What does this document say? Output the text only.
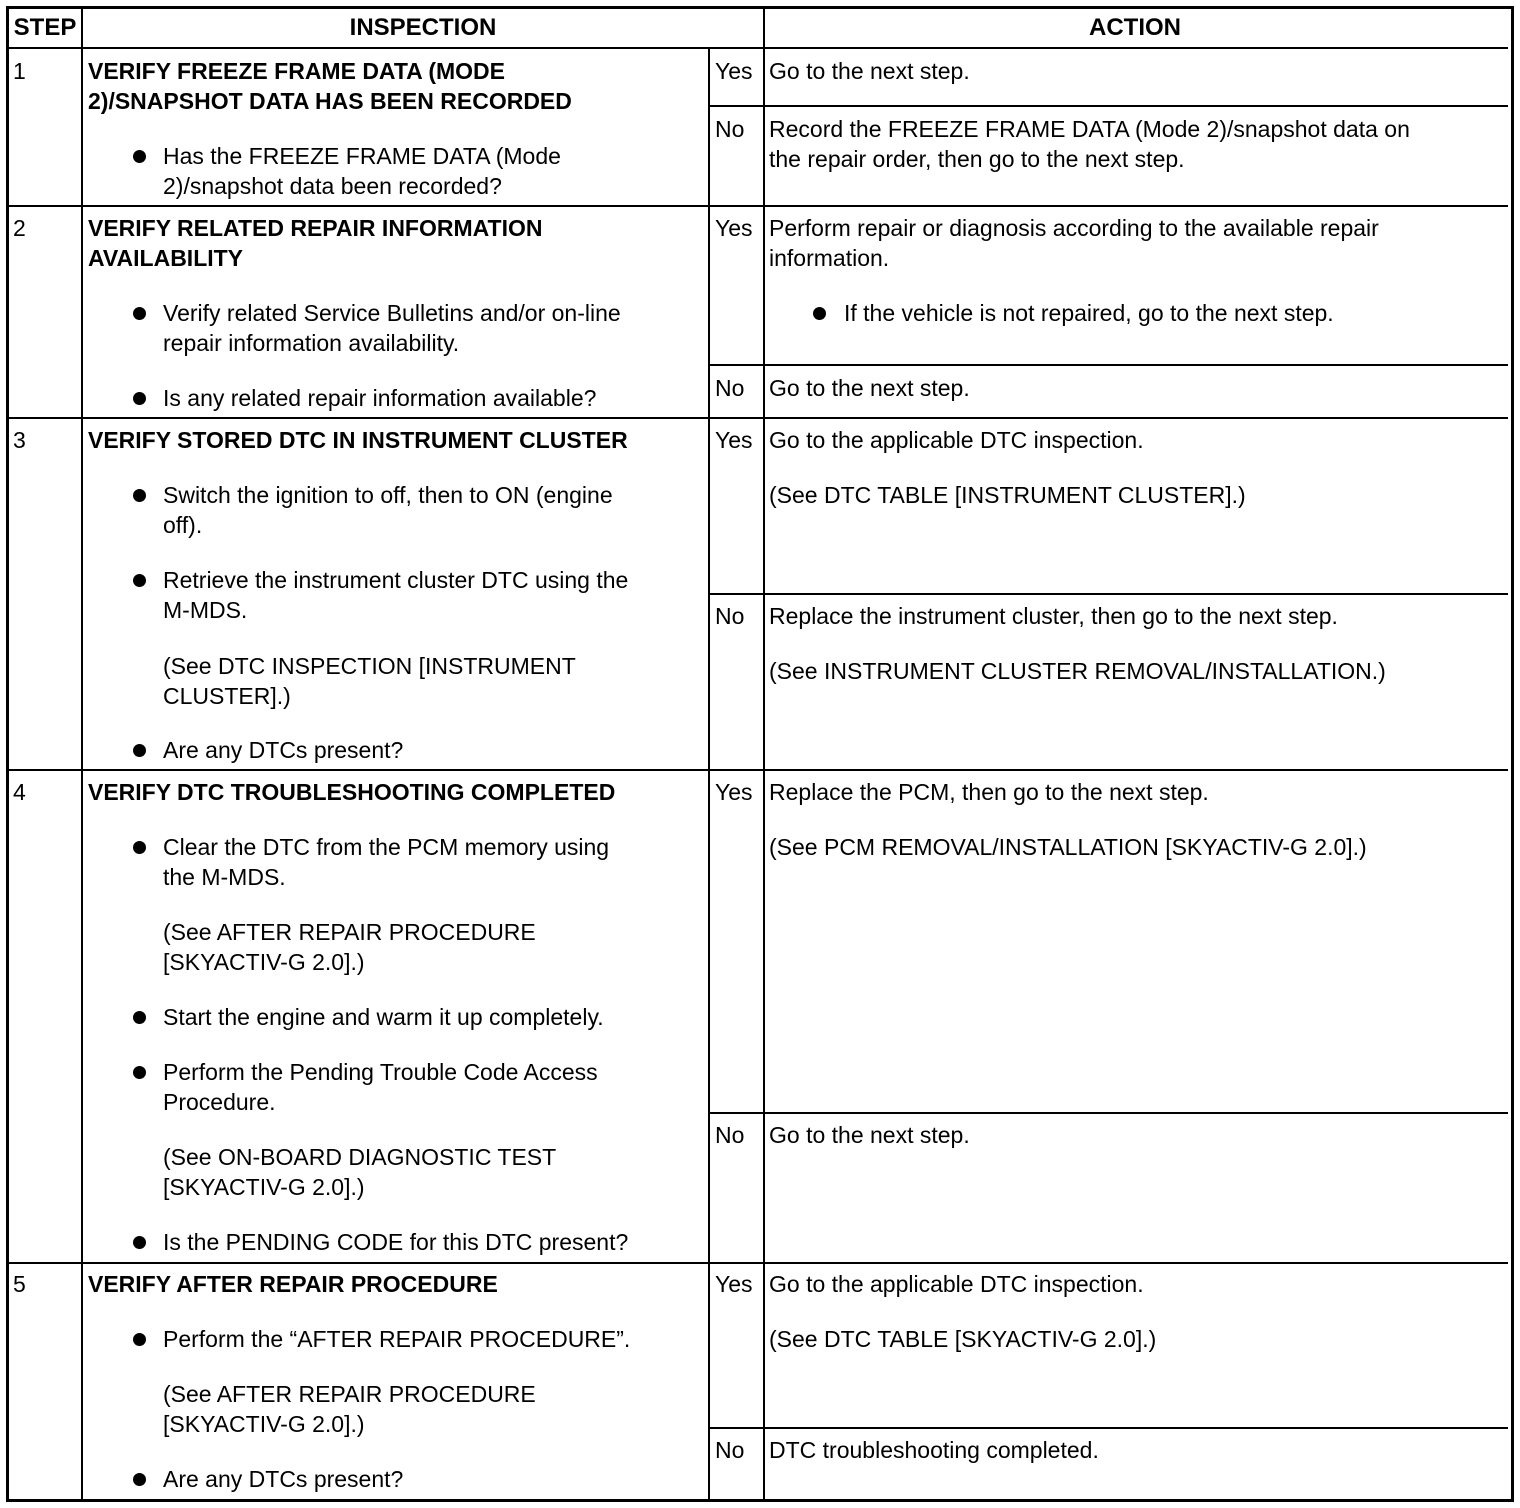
STEP	INSPECTION	ACTION
1	VERIFY FREEZE FRAME DATA (MODE
2)/SNAPSHOT DATA HAS BEEN RECORDED
Has the FREEZE FRAME DATA (Mode
2)/snapshot data been recorded?
Yes Go to the next step.
No Record the FREEZE FRAME DATA (Mode 2)/snapshot data on
the repair order, then go to the next step.
2	VERIFY RELATED REPAIR INFORMATION
AVAILABILITY
Verify related Service Bulletins and/or on-line
repair information availability.
Is any related repair information available?
Yes Perform repair or diagnosis according to the available repair
information.
If the vehicle is not repaired, go to the next step.
No Go to the next step.
3	VERIFY STORED DTC IN INSTRUMENT CLUSTER
Switch the ignition to off, then to ON (engine
off).
Retrieve the instrument cluster DTC using the
M-MDS.
(See DTC INSPECTION [INSTRUMENT
CLUSTER].)
Are any DTCs present?
Yes Go to the applicable DTC inspection.
(See DTC TABLE [INSTRUMENT CLUSTER].)
No Replace the instrument cluster, then go to the next step.
(See INSTRUMENT CLUSTER REMOVAL/INSTALLATION.)
4	VERIFY DTC TROUBLESHOOTING COMPLETED
Clear the DTC from the PCM memory using
the M-MDS.
(See AFTER REPAIR PROCEDURE
[SKYACTIV-G 2.0].)
Start the engine and warm it up completely.
Perform the Pending Trouble Code Access
Procedure.
(See ON-BOARD DIAGNOSTIC TEST
[SKYACTIV-G 2.0].)
Is the PENDING CODE for this DTC present?
Yes Replace the PCM, then go to the next step.
(See PCM REMOVAL/INSTALLATION [SKYACTIV-G 2.0].)
No Go to the next step.
5	VERIFY AFTER REPAIR PROCEDURE
Perform the “AFTER REPAIR PROCEDURE”.
(See AFTER REPAIR PROCEDURE
[SKYACTIV-G 2.0].)
Are any DTCs present?
Yes Go to the applicable DTC inspection.
(See DTC TABLE [SKYACTIV-G 2.0].)
No DTC troubleshooting completed.
